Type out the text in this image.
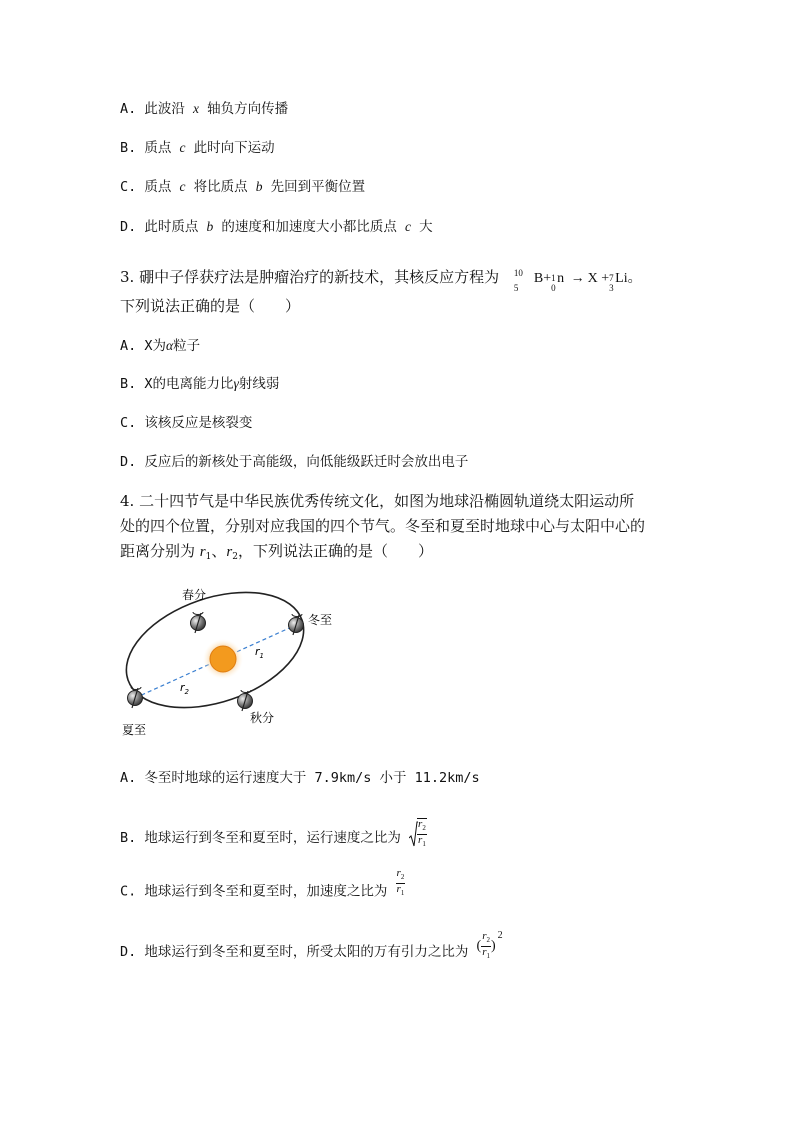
A. 此波沿 x 轴负方向传播
B. 质点 c 此时向下运动
C. 质点 c 将比质点 b 先回到平衡位置
D. 此时质点 b 的速度和加速度大小都比质点 c 大
3. 硼中子俘获疗法是肿瘤治疗的新技术，其核反应方程为 10
5
B+ 1
0
n → X + 7
3
Li。
下列说法正确的是（　　）
A. X为α粒子
B. X的电离能力比γ射线弱
C. 该核反应是核裂变
D. 反应后的新核处于高能级，向低能级跃迁时会放出电子
4. 二十四节气是中华民族优秀传统文化，如图为地球沿椭圆轨道绕太阳运动所
处的四个位置，分别对应我国的四个节气。冬至和夏至时地球中心与太阳中心的
距离分别为 $r_1$、$r_2$，下列说法正确的是（　　）
$r_1$
$r_2$
春分
冬至
夏至
秋分
A. 冬至时地球的运行速度大于 7.9km/s 小于 11.2km/s
B. 地球运行到冬至和夏至时，运行速度之比为 $\frac{r_2}{r_1}$
C. 地球运行到冬至和夏至时，加速度之比为 $\frac{r_2}{r_1}$
D. 地球运行到冬至和夏至时，所受太阳的万有引力之比为 ( $\frac{r_2}{r_1} )^2$
